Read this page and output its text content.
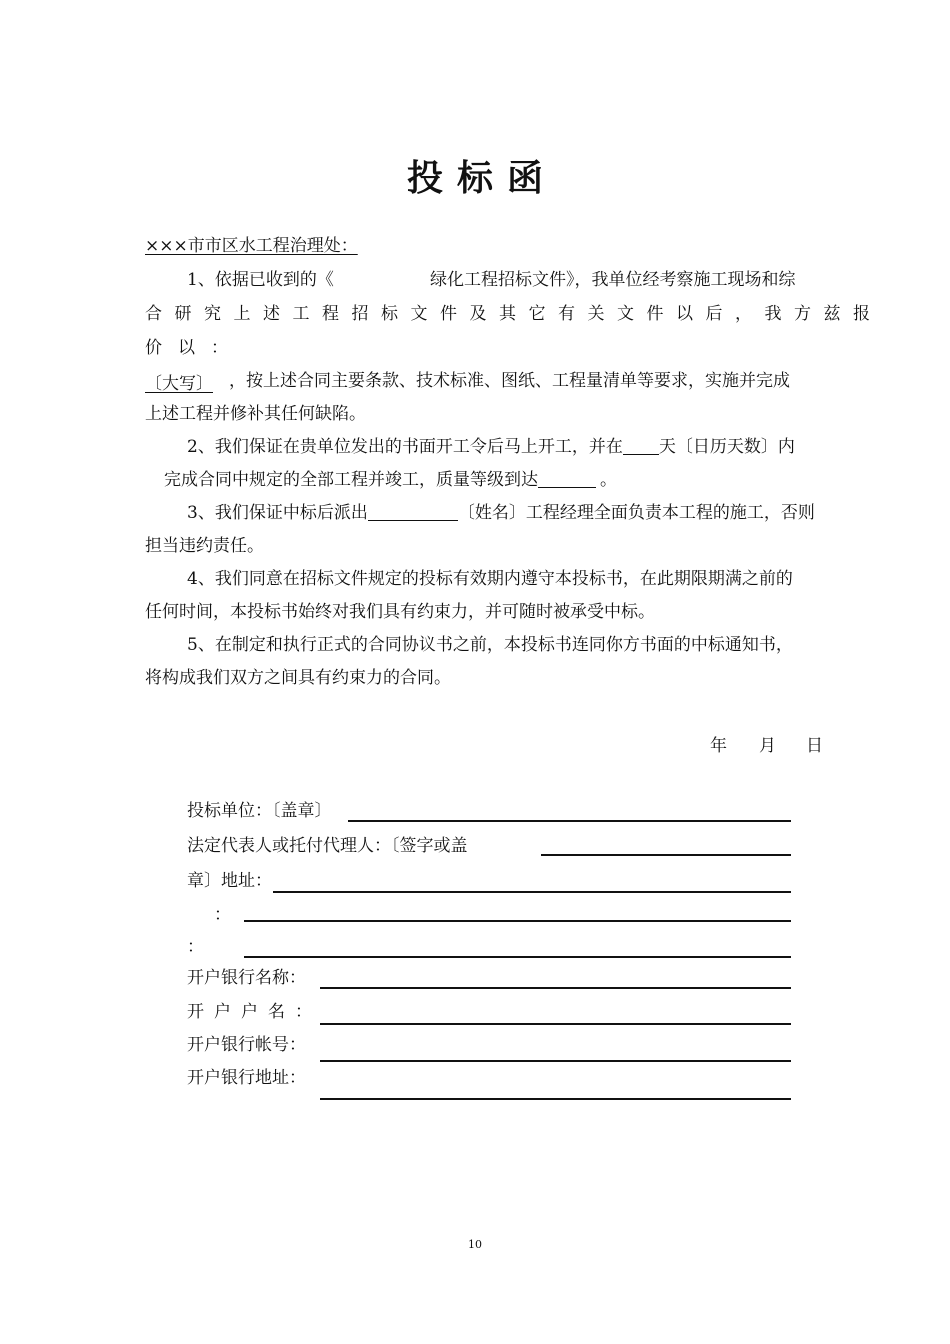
投标函
×××市市区水工程治理处：
1、依据已收到的《	绿化工程招标文件》，我单位经考察施工现场和综
合研究上述工程招标文件及其它有关文件以后，我方兹报
价以：
〔大写〕 ，按上述合同主要条款、技术标准、图纸、工程量清单等要求，实施并完成
上述工程并修补其任何缺陷。
2、我们保证在贵单位发出的书面开工令后马上开工，并在 天〔日历天数〕内
完成合同中规定的全部工程并竣工，质量等级到达	。
3、我们保证中标后派出	〔姓名〕工程经理全面负责本工程的施工，否则
担当违约责任。
4、我们同意在招标文件规定的投标有效期内遵守本投标书，在此期限期满之前的
任何时间，本投标书始终对我们具有约束力，并可随时被承受中标。
5、在制定和执行正式的合同协议书之前，本投标书连同你方书面的中标通知书，
将构成我们双方之间具有约束力的合同。
年 月 日
投标单位：〔盖章〕
法定代表人或托付代理人：〔签字或盖
章〕地址：
：
：
开户银行名称：
开户户名：
开户银行帐号：
开户银行地址：
10
